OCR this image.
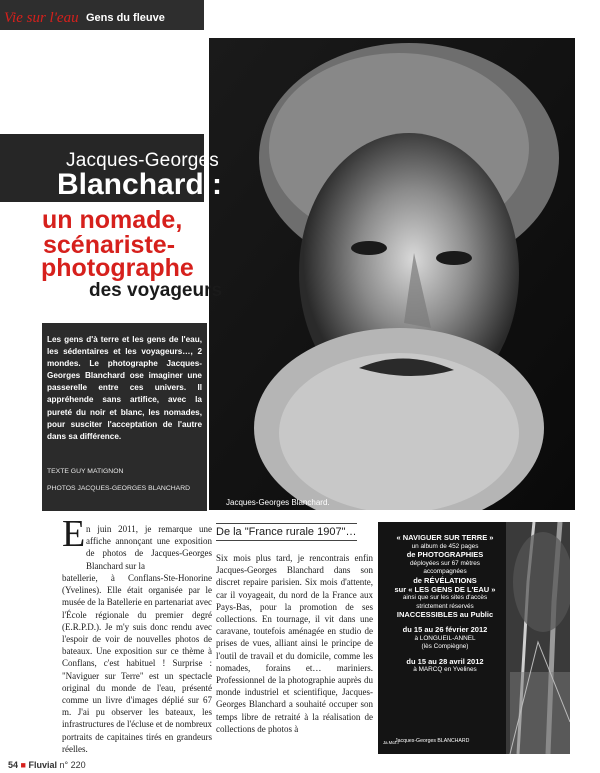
Vie sur l'eau Gens du fleuve
Jacques-Georges Blanchard.
Jacques-Georges
Blanchard :
un nomade,
scénariste-
photographe
des voyageurs
Les gens d'à terre et les gens de l'eau, les sédentaires et les voyageurs…, 2 mondes. Le photographe Jacques-Georges Blanchard ose imaginer une passerelle entre ces univers. Il appréhende sans artifice, avec la pureté du noir et blanc, les nomades, pour susciter l'acceptation de l'autre dans sa différence.
TEXTE GUY MATIGNON
PHOTOS JACQUES-GEORGES BLANCHARD
E n juin 2011, je remarque une affiche annonçant une exposition de photos de Jacques-Georges Blanchard sur la
batellerie, à Conflans-Ste-Honorine (Yvelines). Elle était organisée par le musée de la Batellerie en partenariat avec l'École régionale du premier degré (E.R.P.D.). Je m'y suis donc rendu avec l'espoir de voir de nouvelles photos de bateaux. Une exposition sur ce thème à Conflans, c'est habituel ! Surprise : "Naviguer sur Terre" est un spectacle original du monde de l'eau, présenté comme un livre d'images déplié sur 67 m. J'ai pu observer les bateaux, les infrastructures de l'écluse et de nombreux portraits de capitaines tirés en grandeurs réelles.
De la "France rurale 1907"…
Six mois plus tard, je rencontrais enfin Jacques-Georges Blanchard dans son discret repaire parisien. Six mois d'attente, car il voyageait, du nord de la France aux Pays-Bas, pour la promotion de ses collections. En tournage, il vit dans une caravane, toutefois aménagée en studio de prises de vues, alliant ainsi le principe de l'outil de travail et du domicile, comme les nomades, forains et… mariniers. Professionnel de la photographie auprès du monde industriel et scientifique, Jacques-Georges Blanchard a souhaité occuper son temps libre de retraité à la réalisation de collections de photos à
« NAVIGUER SUR TERRE »
un album de 452 pages
de PHOTOGRAPHIES
déployées sur 67 mètres
accompagnées
de RÉVÉLATIONS
sur « LES GENS DE L'EAU »
ainsi que sur les sites d'accès
strictement réservés
INACCESSIBLES au Public
du 15 au 26 février 2012
à LONGUEIL-ANNEL
(lès Compiègne)
du 15 au 28 avril 2012
à MARCQ en Yvelines
Jacques-Georges BLANCHARD
Ja.Moz.l
54 ■ Fluvial n° 220
